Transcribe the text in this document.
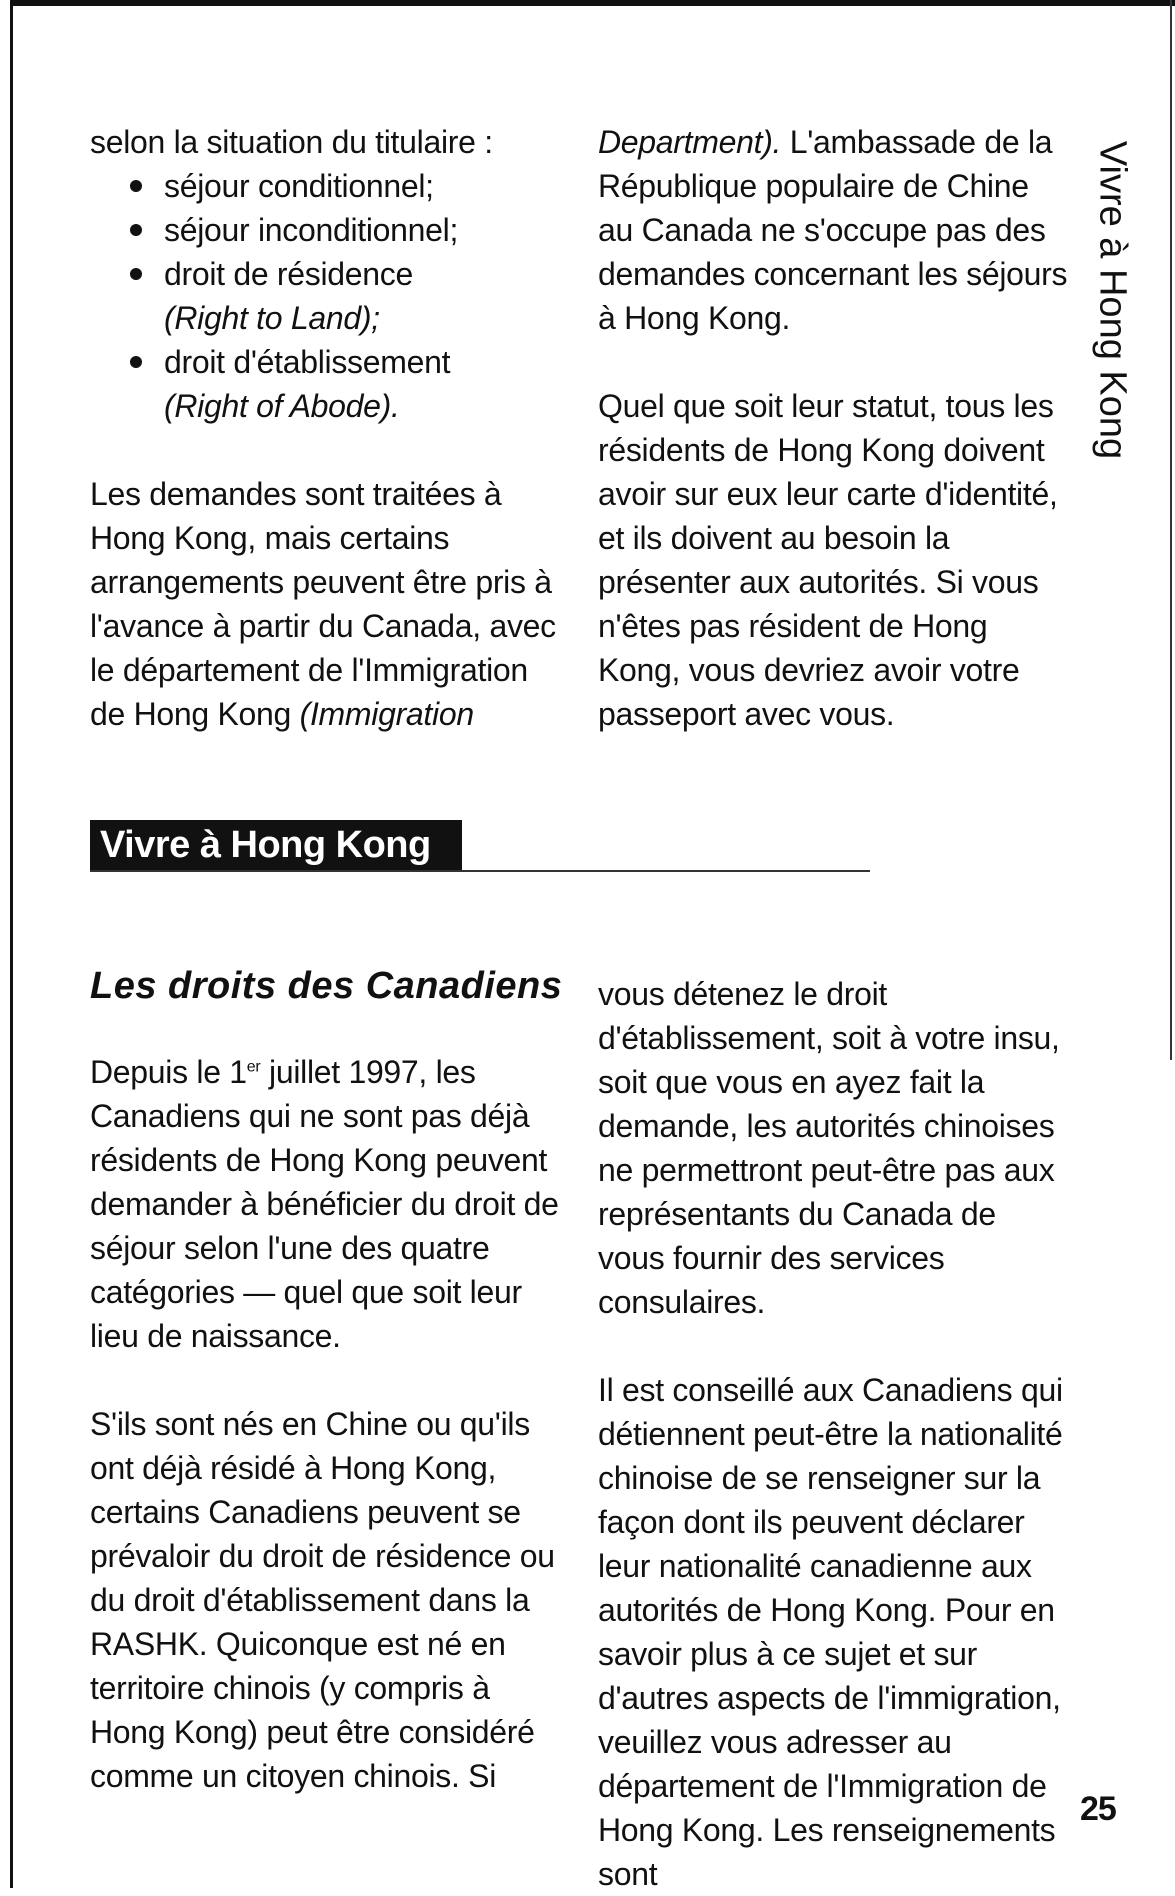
selon la situation du titulaire :

séjour conditionnel;
séjour inconditionnel;
droit de résidence
(Right to Land);
droit d'établissement
(Right of Abode).

Les demandes sont traitées à Hong Kong, mais certains arrangements peuvent être pris à l'avance à partir du Canada, avec le département de l'Immigration de Hong Kong (Immigration

Department). L'ambassade de la République populaire de Chine au Canada ne s'occupe pas des demandes concernant les séjours à Hong Kong.

Quel que soit leur statut, tous les résidents de Hong Kong doivent avoir sur eux leur carte d'identité, et ils doivent au besoin la présenter aux autorités. Si vous n'êtes pas résident de Hong Kong, vous devriez avoir votre passeport avec vous.

Vivre à Hong Kong
Les droits des Canadiens

Depuis le 1er juillet 1997, les Canadiens qui ne sont pas déjà résidents de Hong Kong peuvent demander à bénéficier du droit de séjour selon l'une des quatre catégories — quel que soit leur lieu de naissance.

S'ils sont nés en Chine ou qu'ils ont déjà résidé à Hong Kong, certains Canadiens peuvent se prévaloir du droit de résidence ou du droit d'établissement dans la RASHK. Quiconque est né en territoire chinois (y compris à Hong Kong) peut être considéré comme un citoyen chinois. Si

vous détenez le droit d'établissement, soit à votre insu, soit que vous en ayez fait la demande, les autorités chinoises ne permettront peut-être pas aux représentants du Canada de vous fournir des services consulaires.

Il est conseillé aux Canadiens qui détiennent peut-être la nationalité chinoise de se renseigner sur la façon dont ils peuvent déclarer leur nationalité canadienne aux autorités de Hong Kong. Pour en savoir plus à ce sujet et sur d'autres aspects de l'immigration, veuillez vous adresser au département de l'Immigration de Hong Kong. Les renseignements sont

Vivre à Hong Kong
25
